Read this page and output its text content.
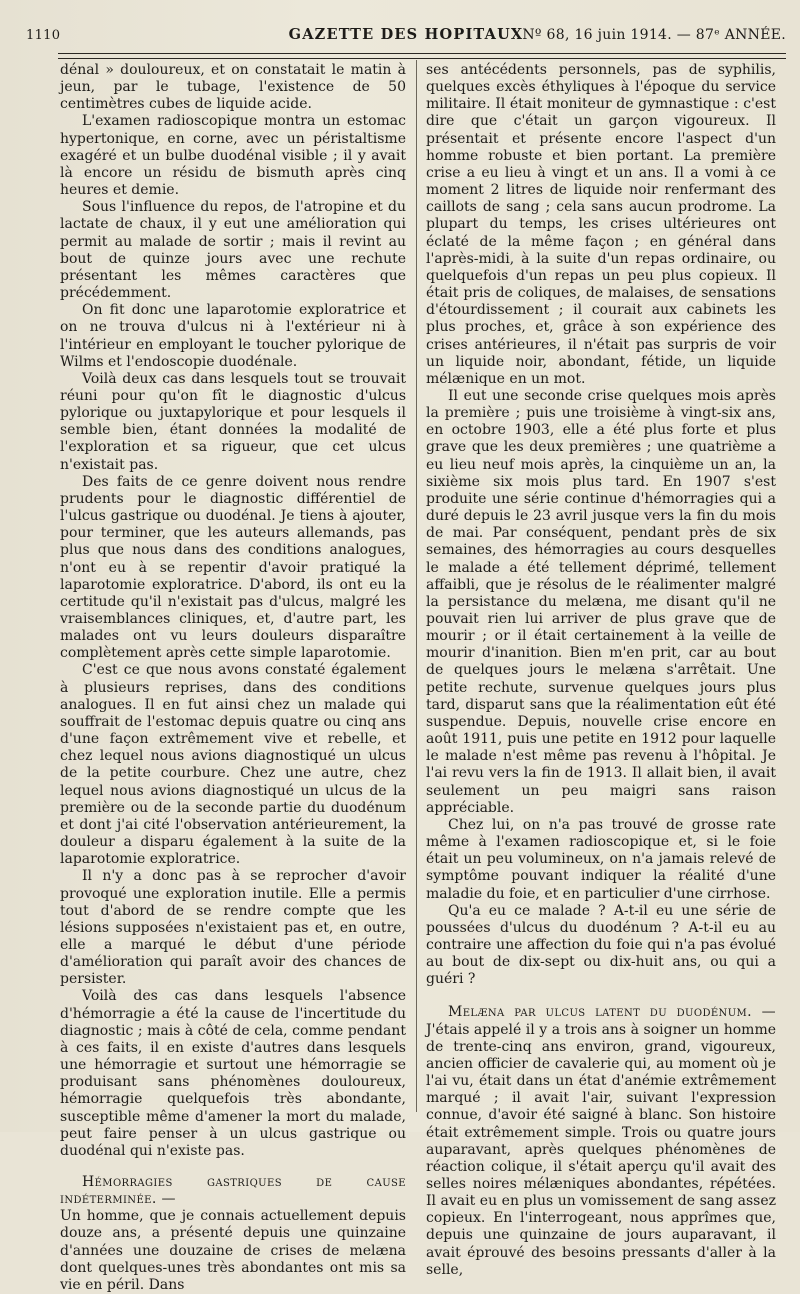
1110	GAZETTE DES HOPITAUX
Nº 68, 16 juin 1914. — 87ᵉ ANNÉE.

dénal » douloureux, et on constatait le matin à jeun, par le tubage, l'existence de 50 centimètres cubes de liquide acide.

L'examen radioscopique montra un estomac hypertonique, en corne, avec un péristaltisme exagéré et un bulbe duodénal visible ; il y avait là encore un résidu de bismuth après cinq heures et demie.

Sous l'influence du repos, de l'atropine et du lactate de chaux, il y eut une amélioration qui permit au malade de sortir ; mais il revint au bout de quinze jours avec une rechute présentant les mêmes caractères que précédemment.

On fit donc une laparotomie exploratrice et on ne trouva d'ulcus ni à l'extérieur ni à l'intérieur en employant le toucher pylorique de Wilms et l'endoscopie duodénale.

Voilà deux cas dans lesquels tout se trouvait réuni pour qu'on fît le diagnostic d'ulcus pylorique ou juxtapylorique et pour lesquels il semble bien, étant données la modalité de l'exploration et sa rigueur, que cet ulcus n'existait pas.

Des faits de ce genre doivent nous rendre prudents pour le diagnostic différentiel de l'ulcus gastrique ou duodénal. Je tiens à ajouter, pour terminer, que les auteurs allemands, pas plus que nous dans des conditions analogues, n'ont eu à se repentir d'avoir pratiqué la laparotomie exploratrice. D'abord, ils ont eu la certitude qu'il n'existait pas d'ulcus, malgré les vraisemblances cliniques, et, d'autre part, les malades ont vu leurs douleurs disparaître complètement après cette simple laparotomie.

C'est ce que nous avons constaté également à plusieurs reprises, dans des conditions analogues. Il en fut ainsi chez un malade qui souffrait de l'estomac depuis quatre ou cinq ans d'une façon extrêmement vive et rebelle, et chez lequel nous avions diagnostiqué un ulcus de la petite courbure. Chez une autre, chez lequel nous avions diagnostiqué un ulcus de la première ou de la seconde partie du duodénum et dont j'ai cité l'observation antérieurement, la douleur a disparu également à la suite de la laparotomie exploratrice.

Il n'y a donc pas à se reprocher d'avoir provoqué une exploration inutile. Elle a permis tout d'abord de se rendre compte que les lésions supposées n'existaient pas et, en outre, elle a marqué le début d'une période d'amélioration qui paraît avoir des chances de persister.

Voilà des cas dans lesquels l'absence d'hémorragie a été la cause de l'incertitude du diagnostic ; mais à côté de cela, comme pendant à ces faits, il en existe d'autres dans lesquels une hémorragie et surtout une hémorragie se produisant sans phénomènes douloureux, hémorragie quelquefois très abondante, susceptible même d'amener la mort du malade, peut faire penser à un ulcus gastrique ou duodénal qui n'existe pas.

Hémorragies gastriques de cause indéterminée. —

Un homme, que je connais actuellement depuis douze ans, a présenté depuis une quinzaine d'années une douzaine de crises de melæna dont quelques-unes très abondantes ont mis sa vie en péril. Dans

ses antécédents personnels, pas de syphilis, quelques excès éthyliques à l'époque du service militaire. Il était moniteur de gymnastique : c'est dire que c'était un garçon vigoureux. Il présentait et présente encore l'aspect d'un homme robuste et bien portant. La première crise a eu lieu à vingt et un ans. Il a vomi à ce moment 2 litres de liquide noir renfermant des caillots de sang ; cela sans aucun prodrome. La plupart du temps, les crises ultérieures ont éclaté de la même façon ; en général dans l'après-midi, à la suite d'un repas ordinaire, ou quelquefois d'un repas un peu plus copieux. Il était pris de coliques, de malaises, de sensations d'étourdissement ; il courait aux cabinets les plus proches, et, grâce à son expérience des crises antérieures, il n'était pas surpris de voir un liquide noir, abondant, fétide, un liquide mélænique en un mot.

Il eut une seconde crise quelques mois après la première ; puis une troisième à vingt-six ans, en octobre 1903, elle a été plus forte et plus grave que les deux premières ; une quatrième a eu lieu neuf mois après, la cinquième un an, la sixième six mois plus tard. En 1907 s'est produite une série continue d'hémorragies qui a duré depuis le 23 avril jusque vers la fin du mois de mai. Par conséquent, pendant près de six semaines, des hémorragies au cours desquelles le malade a été tellement déprimé, tellement affaibli, que je résolus de le réalimenter malgré la persistance du melæna, me disant qu'il ne pouvait rien lui arriver de plus grave que de mourir ; or il était certainement à la veille de mourir d'inanition. Bien m'en prit, car au bout de quelques jours le melæna s'arrêtait. Une petite rechute, survenue quelques jours plus tard, disparut sans que la réalimentation eût été suspendue. Depuis, nouvelle crise encore en août 1911, puis une petite en 1912 pour laquelle le malade n'est même pas revenu à l'hôpital. Je l'ai revu vers la fin de 1913. Il allait bien, il avait seulement un peu maigri sans raison appréciable.

Chez lui, on n'a pas trouvé de grosse rate même à l'examen radioscopique et, si le foie était un peu volumineux, on n'a jamais relevé de symptôme pouvant indiquer la réalité d'une maladie du foie, et en particulier d'une cirrhose.

Qu'a eu ce malade ? A-t-il eu une série de poussées d'ulcus du duodénum ? A-t-il eu au contraire une affection du foie qui n'a pas évolué au bout de dix-sept ou dix-huit ans, ou qui a guéri ?

Melæna par ulcus latent du duodénum. — J'étais appelé il y a trois ans à soigner un homme de trente-cinq ans environ, grand, vigoureux, ancien officier de cavalerie qui, au moment où je l'ai vu, était dans un état d'anémie extrêmement marqué ; il avait l'air, suivant l'expression connue, d'avoir été saigné à blanc. Son histoire était extrêmement simple. Trois ou quatre jours auparavant, après quelques phénomènes de réaction colique, il s'était aperçu qu'il avait des selles noires mélæniques abondantes, répétées. Il avait eu en plus un vomissement de sang assez copieux. En l'interrogeant, nous apprîmes que, depuis une quinzaine de jours auparavant, il avait éprouvé des besoins pressants d'aller à la selle,
